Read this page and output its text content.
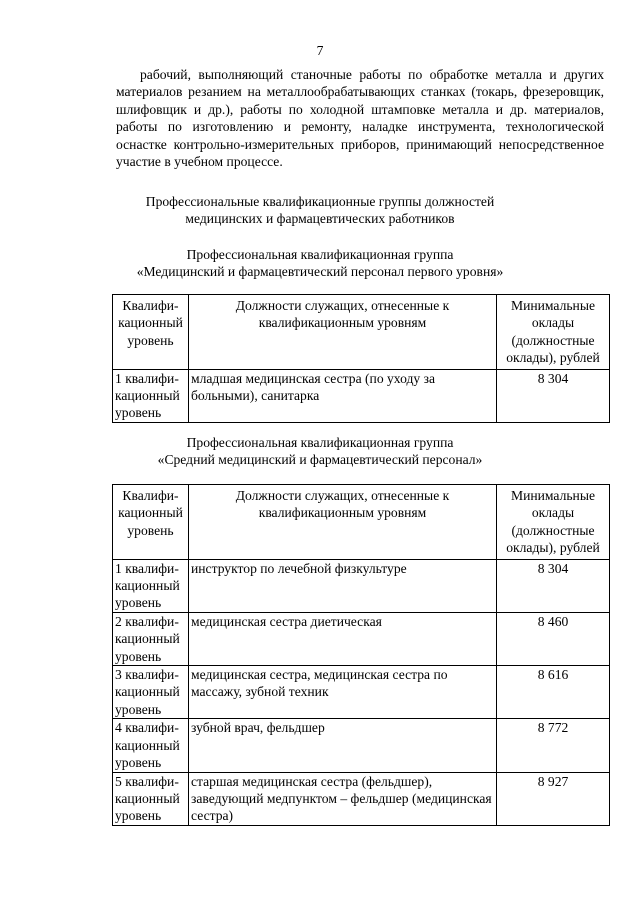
7

рабочий, выполняющий станочные работы по обработке металла и других материалов резанием на металлообрабатывающих станках (токарь, фрезеровщик, шлифовщик и др.), работы по холодной штамповке металла и др. материалов, работы по изготовлению и ремонту, наладке инструмента, технологической оснастке контрольно-измерительных приборов, принимающий непосредственное участие в учебном процессе.

Профессиональные квалификационные группы должностей
медицинских и фармацевтических работников
Профессиональная квалификационная группа
«Медицинский и фармацевтический персонал первого уровня»
Квалифи-кационный уровень	Должности служащих, отнесенные к квалификационным уровням	Минимальные оклады (должностные оклады), рублей
1 квалифи-кационный уровень	младшая медицинская сестра (по уходу за больными), санитарка	8 304
Профессиональная квалификационная группа
«Средний медицинский и фармацевтический персонал»
Квалифи-кационный уровень	Должности служащих, отнесенные к квалификационным уровням	Минимальные оклады (должностные оклады), рублей
1 квалифи-кационный уровень	инструктор по лечебной физкультуре	8 304
2 квалифи-кационный уровень	медицинская сестра диетическая	8 460
3 квалифи-кационный уровень	медицинская сестра, медицинская сестра по массажу, зубной техник	8 616
4 квалифи-кационный уровень	зубной врач, фельдшер	8 772
5 квалифи-кационный уровень	старшая медицинская сестра (фельдшер), заведующий медпунктом – фельдшер (медицинская сестра)	8 927
